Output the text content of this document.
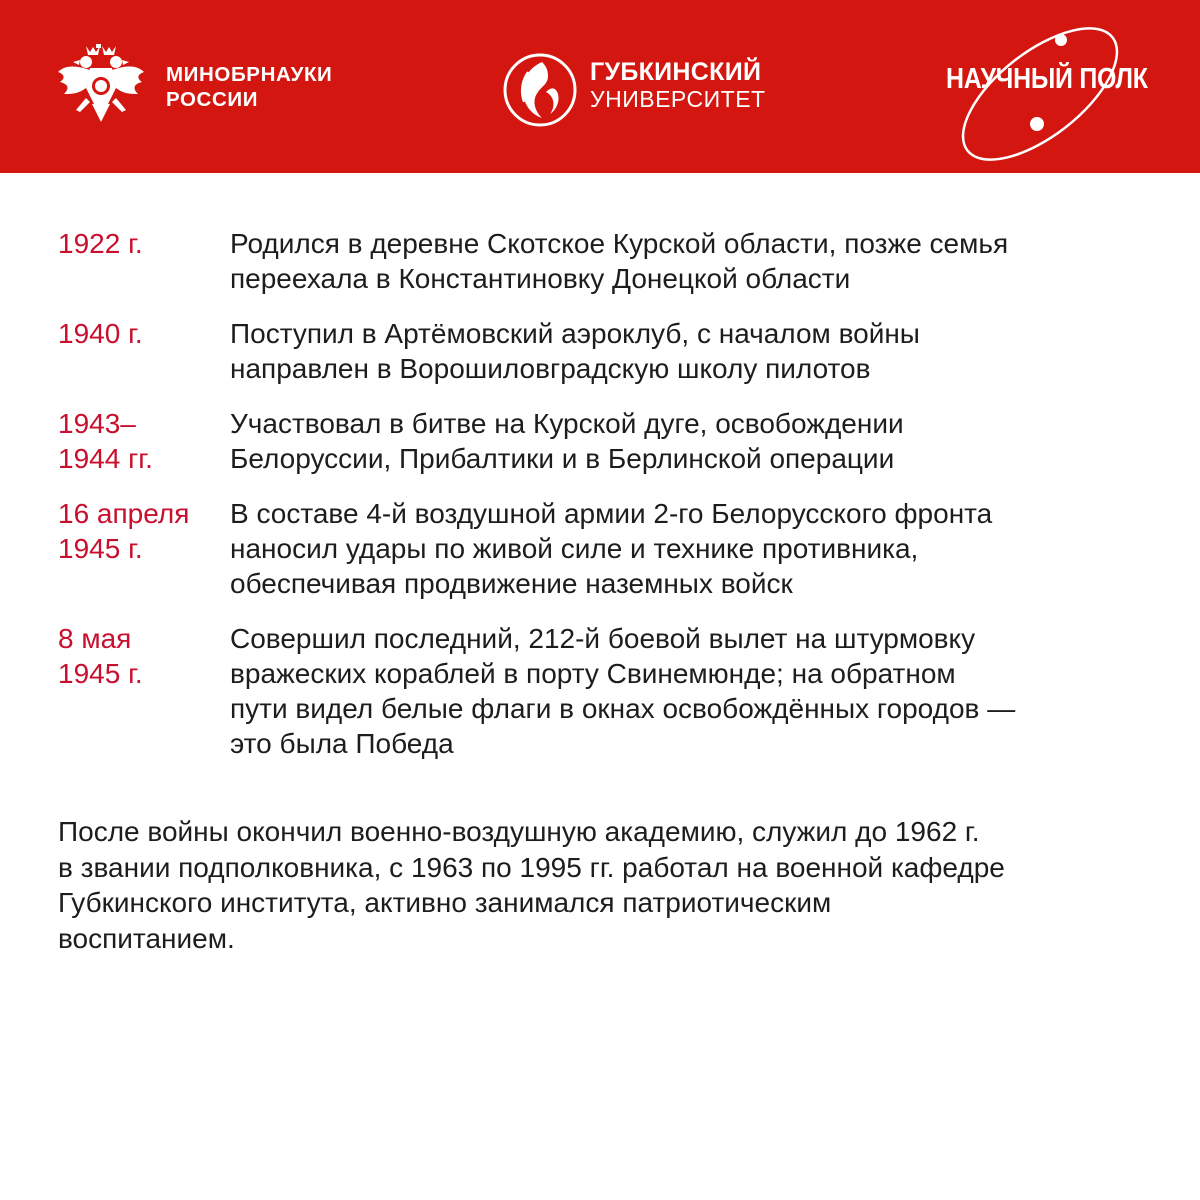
МИНОБРНАУКИ
РОССИИ
ГУБКИНСКИЙ
УНИВЕРСИТЕТ
НАУЧНЫЙ ПОЛК
1922 г.	Родился в деревне Скотское Курской области, позже семья
переехала в Константиновку Донецкой области
1940 г.	Поступил в Артёмовский аэроклуб, с началом войны
направлен в Ворошиловградскую школу пилотов
1943–
1944 гг.
Участвовал в битве на Курской дуге, освобождении
Белоруссии, Прибалтики и в Берлинской операции
16 апреля
1945 г.
В составе 4-й воздушной армии 2-го Белорусского фронта
наносил удары по живой силе и технике противника,
обеспечивая продвижение наземных войск
8 мая
1945 г.
Совершил последний, 212-й боевой вылет на штурмовку
вражеских кораблей в порту Свинемюнде; на обратном
пути видел белые флаги в окнах освобождённых городов —
это была Победа
После войны окончил военно-воздушную академию, служил до 1962 г.
в звании подполковника, с 1963 по 1995 гг. работал на военной кафедре
Губкинского института, активно занимался патриотическим
воспитанием.
